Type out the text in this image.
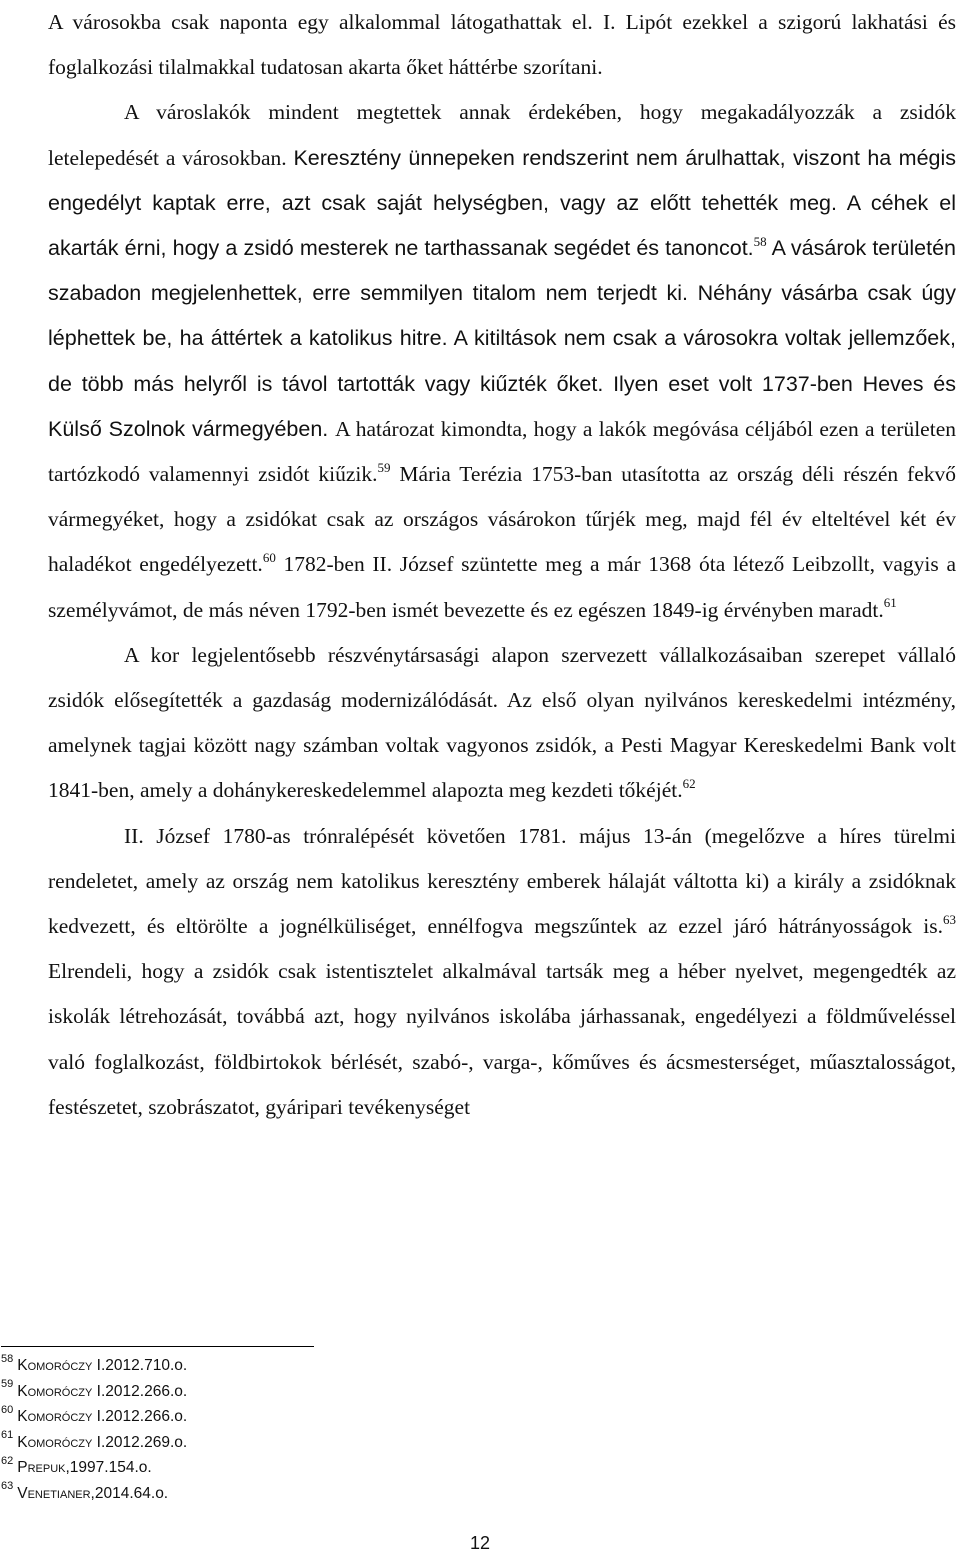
A városokba csak naponta egy alkalommal látogathattak el. I. Lipót ezekkel a szigorú lakhatási és foglalkozási tilalmakkal tudatosan akarta őket háttérbe szorítani.

A városlakók mindent megtettek annak érdekében, hogy megakadályozzák a zsidók letelepedését a városokban. Keresztény ünnepeken rendszerint nem árulhattak, viszont ha mégis engedélyt kaptak erre, azt csak saját helységben, vagy az előtt tehették meg. A céhek el akarták érni, hogy a zsidó mesterek ne tarthassanak segédet és tanoncot.$^{58}$ A vásárok területén szabadon megjelenhettek, erre semmilyen titalom nem terjedt ki. Néhány vásárba csak úgy léphettek be, ha áttértek a katolikus hitre. A kitiltások nem csak a városokra voltak jellemzőek, de több más helyről is távol tartották vagy kiűzték őket. Ilyen eset volt 1737-ben Heves és Külső Szolnok vármegyében. A határozat kimondta, hogy a lakók megóvása céljából ezen a területen tartózkodó valamennyi zsidót kiűzik.$^{59}$ Mária Terézia 1753-ban utasította az ország déli részén fekvő vármegyéket, hogy a zsidókat csak az országos vásárokon tűrjék meg, majd fél év elteltével két év haladékot engedélyezett.$^{60}$ 1782-ben II. József szüntette meg a már 1368 óta létező Leibzollt, vagyis a személyvámot, de más néven 1792-ben ismét bevezette és ez egészen 1849-ig érvényben maradt.$^{61}$

A kor legjelentősebb részvénytársasági alapon szervezett vállalkozásaiban szerepet vállaló zsidók elősegítették a gazdaság modernizálódását. Az első olyan nyilvános kereskedelmi intézmény, amelynek tagjai között nagy számban voltak vagyonos zsidók, a Pesti Magyar Kereskedelmi Bank volt 1841-ben, amely a dohánykereskedelemmel alapozta meg kezdeti tőkéjét.$^{62}$

II. József 1780-as trónralépését követően 1781. május 13-án (megelőzve a híres türelmi rendeletet, amely az ország nem katolikus keresztény emberek hálaját váltotta ki) a király a zsidóknak kedvezett, és eltörölte a jognélküliséget, ennélfogva megszűntek az ezzel járó hátrányosságok is.$^{63}$ Elrendeli, hogy a zsidók csak istentisztelet alkalmával tartsák meg a héber nyelvet, megengedték az iskolák létrehozását, továbbá azt, hogy nyilvános iskolába járhassanak, engedélyezi a földműveléssel való foglalkozást, földbirtokok bérlését, szabó-, varga-, kőműves és ácsmesterséget, műasztalosságot, festészetet, szobrászatot, gyáripari tevékenységet

$^{58}$ Komoróczy I.2012.710.o.
$^{59}$ Komoróczy I.2012.266.o.
$^{60}$ Komoróczy I.2012.266.o.
$^{61}$ Komoróczy I.2012.269.o.
$^{62}$ Prepuk,1997.154.o.
$^{63}$ Venetianer,2014.64.o.
12
